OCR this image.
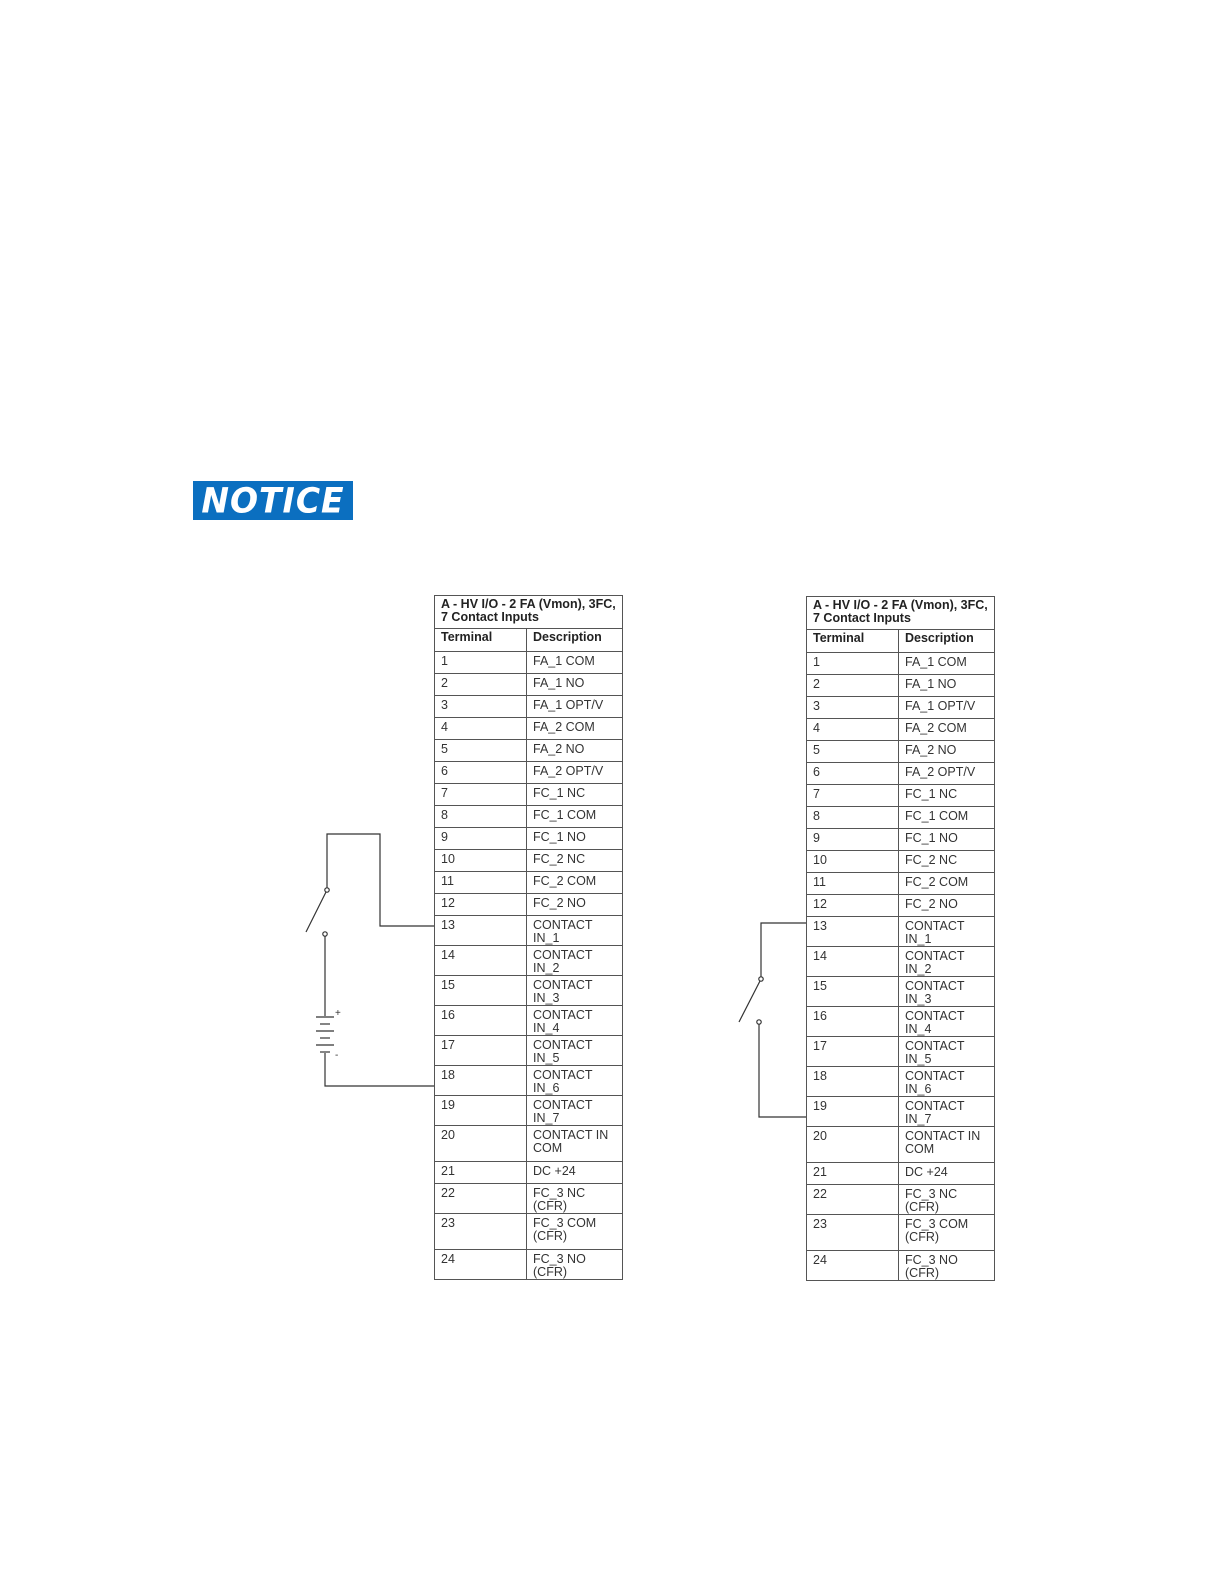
NOTICE
A - HV I/O - 2 FA (Vmon), 3FC, 7 Contact Inputs	
Terminal	Description
1	FA_1 COM
2	FA_1 NO
3	FA_1 OPT/V
4	FA_2 COM
5	FA_2 NO
6	FA_2 OPT/V
7	FC_1 NC
8	FC_1 COM
9	FC_1 NO
10	FC_2 NC
11	FC_2 COM
12	FC_2 NO
13	CONTACT IN_1
14	CONTACT IN_2
15	CONTACT IN_3
16	CONTACT IN_4
17	CONTACT IN_5
18	CONTACT IN_6
19	CONTACT IN_7
20	CONTACT IN COM
21	DC +24
22	FC_3 NC (CFR)
23	FC_3 COM (CFR)
24	FC_3 NO (CFR)
A - HV I/O - 2 FA (Vmon), 3FC, 7 Contact Inputs	
Terminal	Description
1	FA_1 COM
2	FA_1 NO
3	FA_1 OPT/V
4	FA_2 COM
5	FA_2 NO
6	FA_2 OPT/V
7	FC_1 NC
8	FC_1 COM
9	FC_1 NO
10	FC_2 NC
11	FC_2 COM
12	FC_2 NO
13	CONTACT IN_1
14	CONTACT IN_2
15	CONTACT IN_3
16	CONTACT IN_4
17	CONTACT IN_5
18	CONTACT IN_6
19	CONTACT IN_7
20	CONTACT IN COM
21	DC +24
22	FC_3 NC (CFR)
23	FC_3 COM (CFR)
24	FC_3 NO (CFR)
+
-
